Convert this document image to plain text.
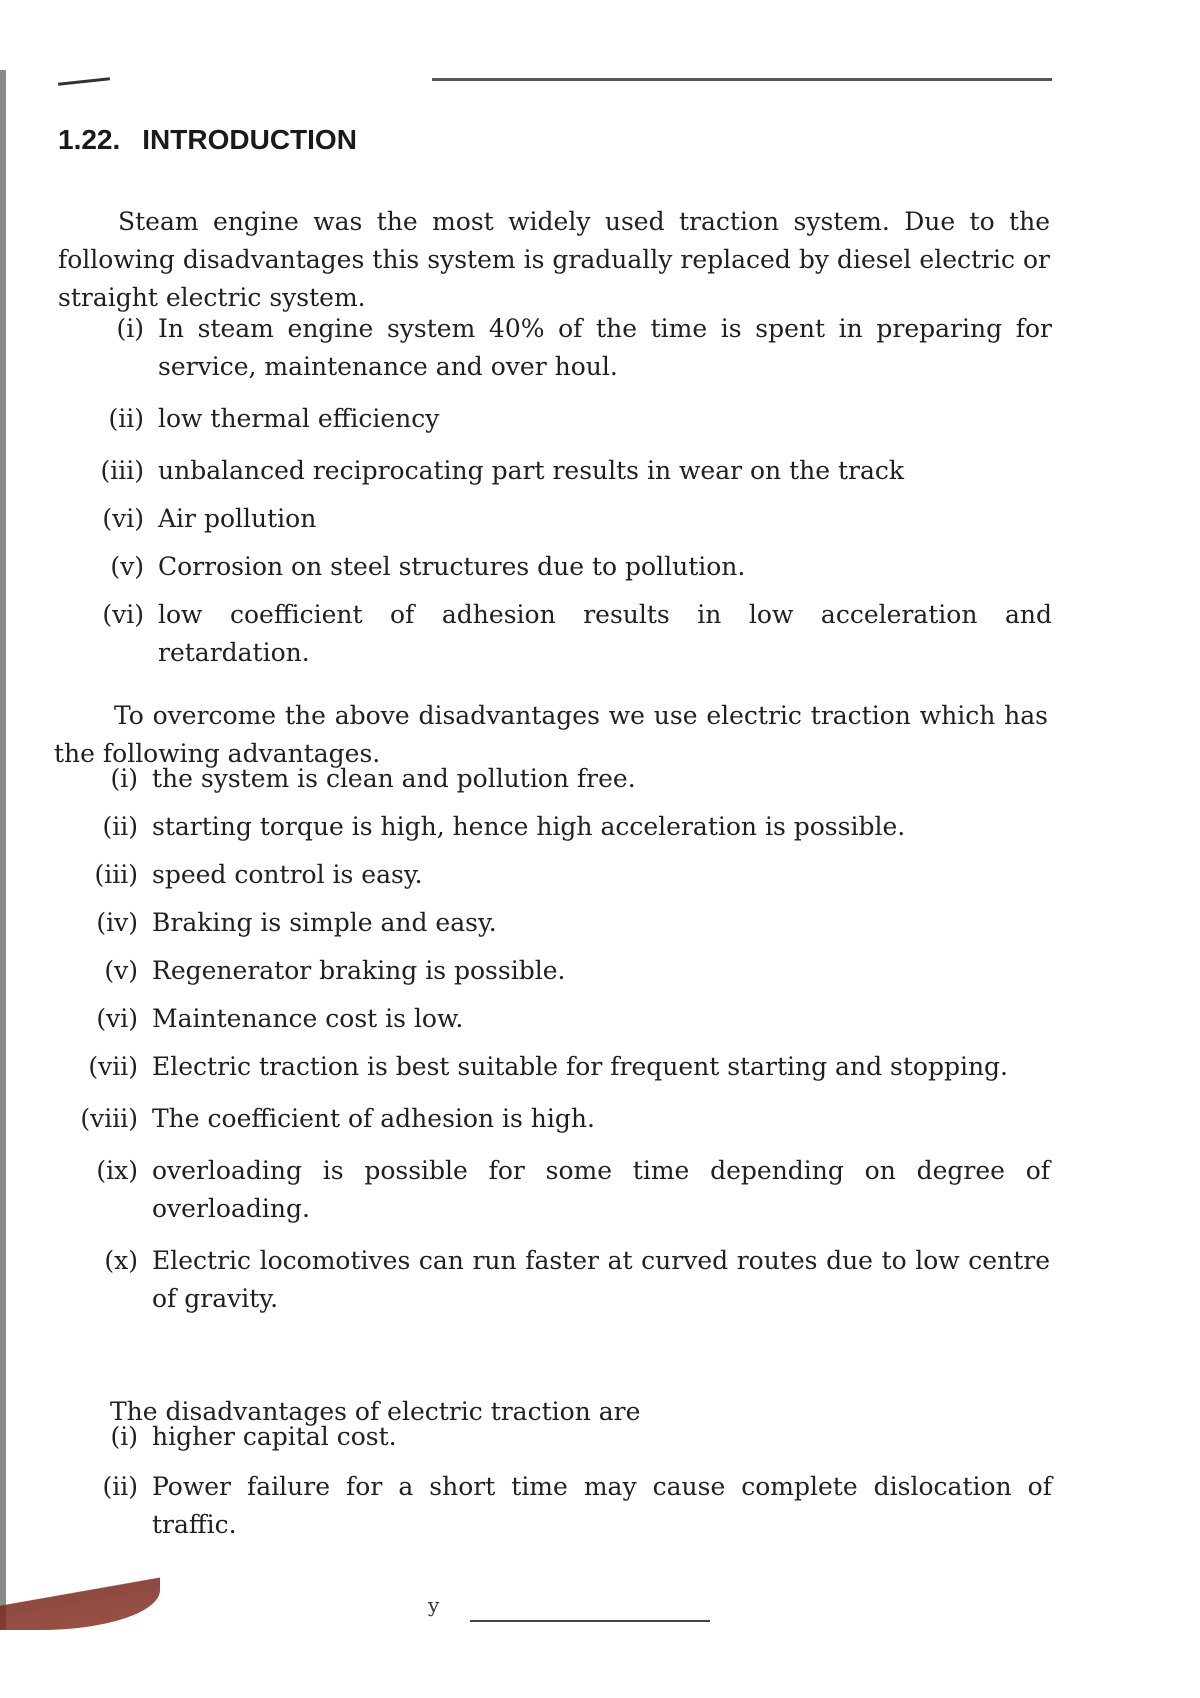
1.22. INTRODUCTION

Steam engine was the most widely used traction system. Due to the following disadvantages this system is gradually replaced by diesel electric or straight electric system.

(i) In steam engine system 40% of the time is spent in preparing for service, maintenance and over houl.
(ii) low thermal efficiency
(iii) unbalanced reciprocating part results in wear on the track
(vi) Air pollution
(v) Corrosion on steel structures due to pollution.
(vi) low coefficient of adhesion results in low acceleration and retardation.

To overcome the above disadvantages we use electric traction which has the following advantages.

(i) the system is clean and pollution free.
(ii) starting torque is high, hence high acceleration is possible.
(iii) speed control is easy.
(iv) Braking is simple and easy.
(v) Regenerator braking is possible.
(vi) Maintenance cost is low.
(vii) Electric traction is best suitable for frequent starting and stopping.
(viii) The coefficient of adhesion is high.
(ix) overloading is possible for some time depending on degree of overloading.
(x) Electric locomotives can run faster at curved routes due to low centre of gravity.

The disadvantages of electric traction are

(i) higher capital cost.
(ii) Power failure for a short time may cause complete dislocation of traffic.
y
